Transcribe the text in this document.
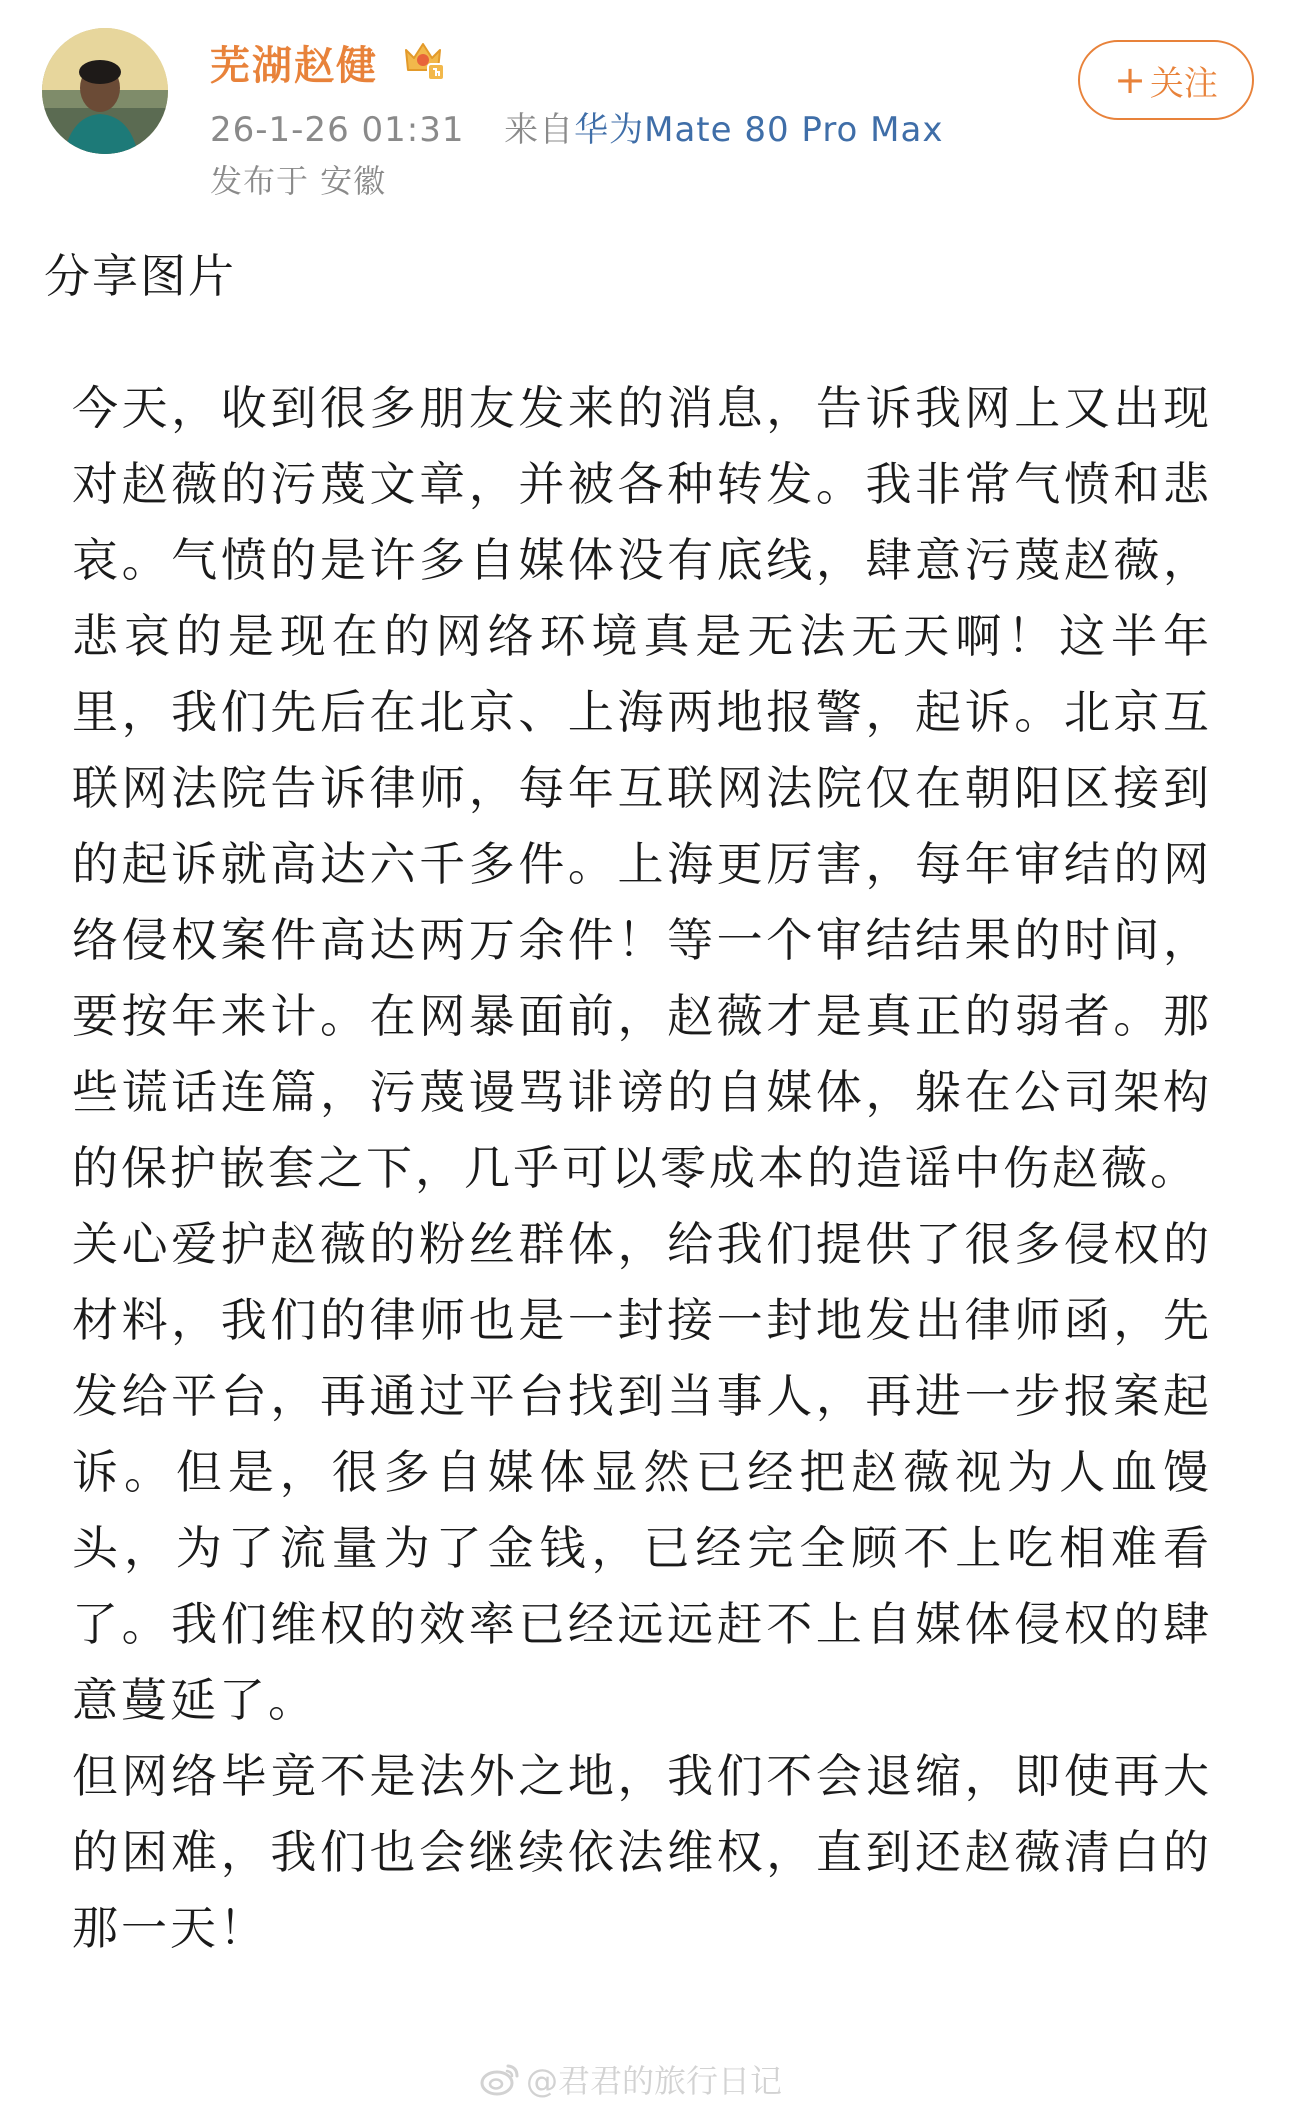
芜湖赵健
26-1-26 01:31 来自华为Mate 80 Pro Max
发布于 安徽
+ 关注
分享图片

今天，收到很多朋友发来的消息，告诉我网上又出现对赵薇的污蔑文章，并被各种转发。我非常气愤和悲哀。气愤的是许多自媒体没有底线，肆意污蔑赵薇，悲哀的是现在的网络环境真是无法无天啊！这半年里，我们先后在北京、上海两地报警，起诉。北京互联网法院告诉律师，每年互联网法院仅在朝阳区接到的起诉就高达六千多件。上海更厉害，每年审结的网络侵权案件高达两万余件！等一个审结结果的时间，要按年来计。在网暴面前，赵薇才是真正的弱者。那些谎话连篇，污蔑谩骂诽谤的自媒体，躲在公司架构的保护嵌套之下，几乎可以零成本的造谣中伤赵薇。

关心爱护赵薇的粉丝群体，给我们提供了很多侵权的材料，我们的律师也是一封接一封地发出律师函，先发给平台，再通过平台找到当事人，再进一步报案起诉。但是，很多自媒体显然已经把赵薇视为人血馒头，为了流量为了金钱，已经完全顾不上吃相难看了。我们维权的效率已经远远赶不上自媒体侵权的肆意蔓延了。

但网络毕竟不是法外之地，我们不会退缩，即使再大的困难，我们也会继续依法维权，直到还赵薇清白的那一天！

@君君的旅行日记
